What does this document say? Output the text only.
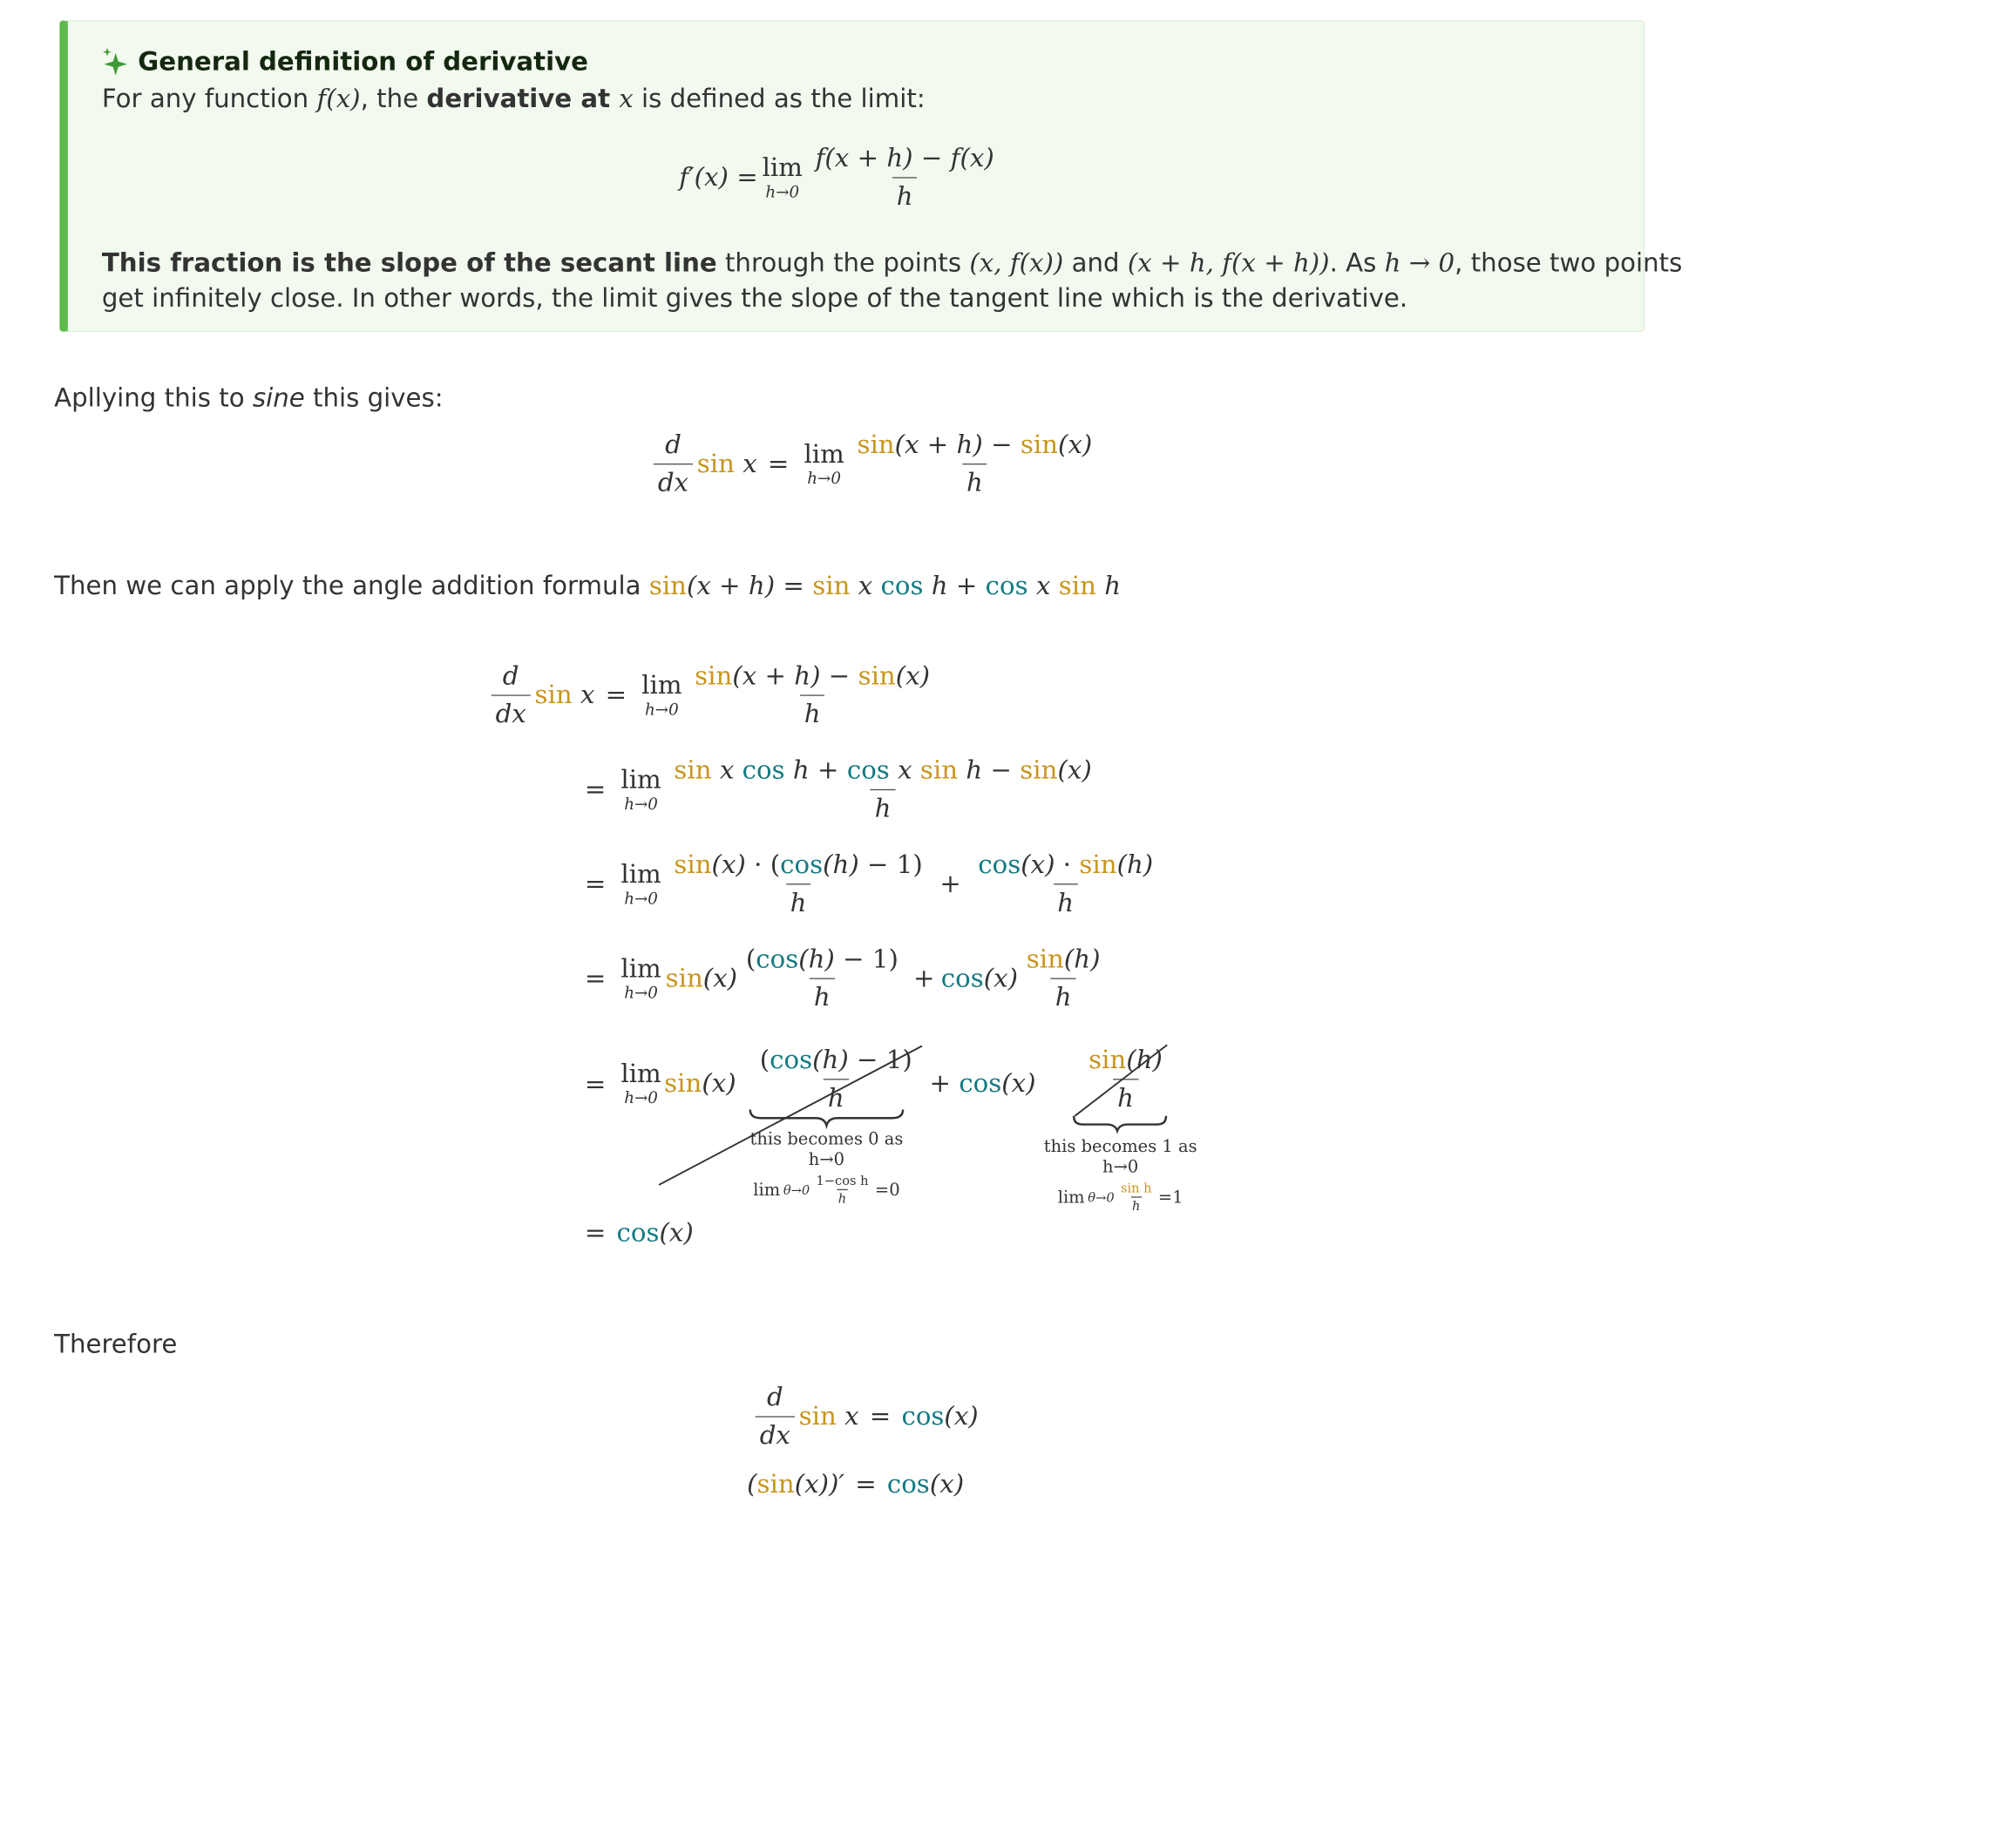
General definition of derivative
For any function f(x), the derivative at x is defined as the limit:
f′(x) = lim
$h\to 0 \frac{f(x + h) - f(x)}{h}$
This fraction is the slope of the secant line through the points (x, f(x)) and (x + h, f(x + h)). As h → 0, those two points
get infinitely close. In other words, the limit gives the slope of the tangent line which is the derivative.
Apllying this to sine this gives:
$\frac{d}{dx}$ sin
x = lim
$h\to 0 \frac{\sin(x + h) - \sin(x)}{h}$
Then we can apply the angle addition formula sin(x + h) = sin x cos h + cos x sin h
$\frac{d}{dx}$ sin
x = lim
$h\to 0 \frac{\sin(x + h) - \sin(x)}{h}$
= lim
$h\to 0 \frac{\text{sin x cos h + cos x sin h − sin(x)}}{h}$
= lim
$h\to 0 \frac{\sin(x) \cdot (\cos(h) - 1)}{h} + \frac{\cos(x) \cdot \sin(h)}{h}$
= lim
h→0 $\sin (x) \frac{(\cos(h) - 1)}{h} + \cos (x) \frac{\sin(h)}{h}$
= lim
h→0
$\sin(x) \frac{(\cos(h) - 1)}{h} + \cos(x) \frac{\sin(h)}{h}$
this becomes 0 as h→0
$\lim \theta\to 0 \frac{\text{1−cos h}}{h} =0$
this becomes 1 as h→0
$\lim \theta\to 0 \frac{\text{sin h}}{h} =1$
= cos (x)
Therefore
$\frac{d}{dx}$ sin
x = cos (x)
(sin(x))′ = cos (x)
